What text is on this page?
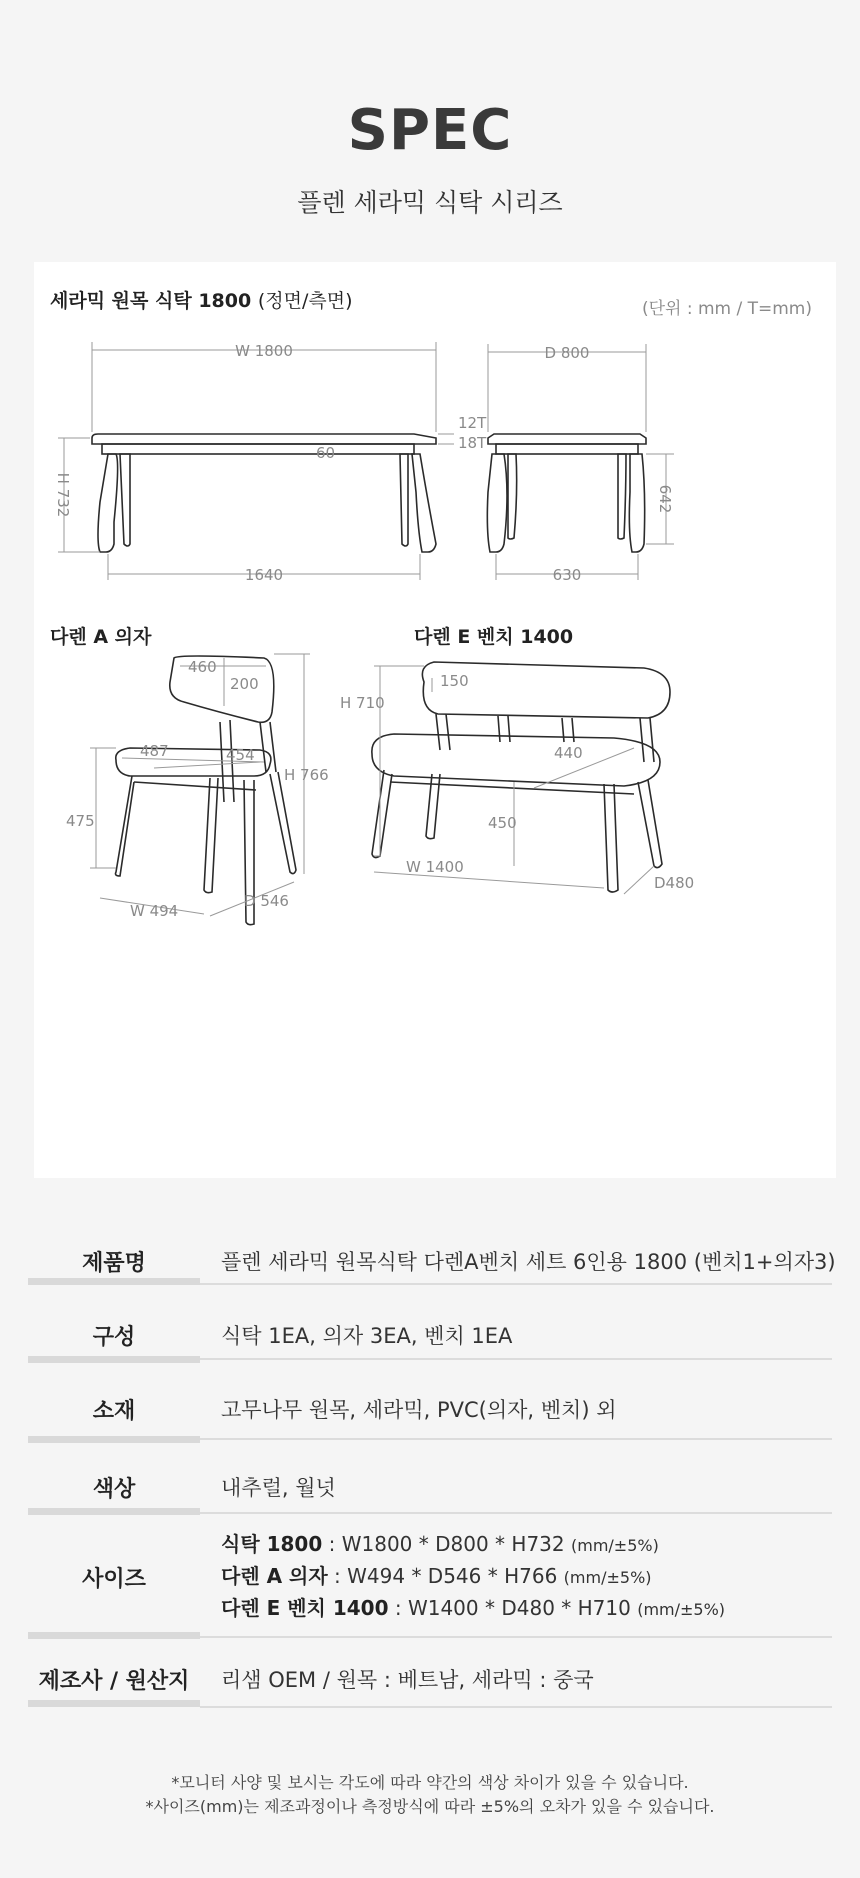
SPEC
플렌 세라믹 식탁 시리즈
W 1800	D 800
12T
18T
60
H 732
1640	630
642
460
200
487	454
H 766
475
W 494
D 546
150
H 710
440
450
W 1400
D480
(단위 : mm / T=mm)
세라믹 원목 식탁 1800 (정면/측면)
다렌 A 의자	다렌 E 벤치 1400
제품명	플렌 세라믹 원목식탁 다렌A벤치 세트 6인용 1800 (벤치1+의자3)
구성	식탁 1EA, 의자 3EA, 벤치 1EA
소재	고무나무 원목, 세라믹, PVC(의자, 벤치) 외
색상	내추럴, 월넛
사이즈
식탁 1800 : W1800 * D800 * H732 (mm/±5%)
다렌 A 의자 : W494 * D546 * H766 (mm/±5%)
다렌 E 벤치 1400 : W1400 * D480 * H710 (mm/±5%)
제조사 / 원산지	리샘 OEM / 원목 : 베트남, 세라믹 : 중국
*모니터 사양 및 보시는 각도에 따라 약간의 색상 차이가 있을 수 있습니다.
*사이즈(mm)는 제조과정이나 측정방식에 따라 ±5%의 오차가 있을 수 있습니다.
